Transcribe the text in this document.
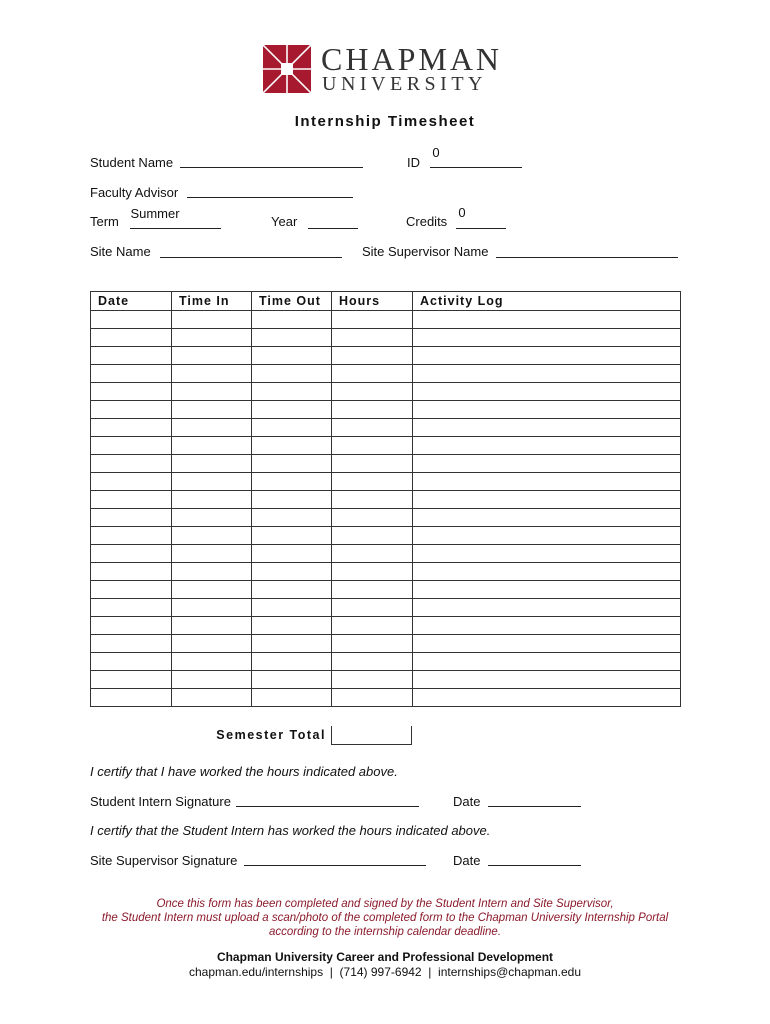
CHAPMAN
UNIVERSITY
Internship Timesheet
Student Name	ID
0
Faculty Advisor
Term
Summer
Year	Credits
0
Site Name	Site Supervisor Name
Date	Time In	Time Out	Hours	Activity Log

Semester Total
I certify that I have worked the hours indicated above.
Student Intern Signature	Date
I certify that the Student Intern has worked the hours indicated above.
Site Supervisor Signature	Date
Once this form has been completed and signed by the Student Intern and Site Supervisor,
the Student Intern must upload a scan/photo of the completed form to the Chapman University Internship Portal
according to the internship calendar deadline.
Chapman University Career and Professional Development
chapman.edu/internships  |  (714) 997-6942  |  internships@chapman.edu
